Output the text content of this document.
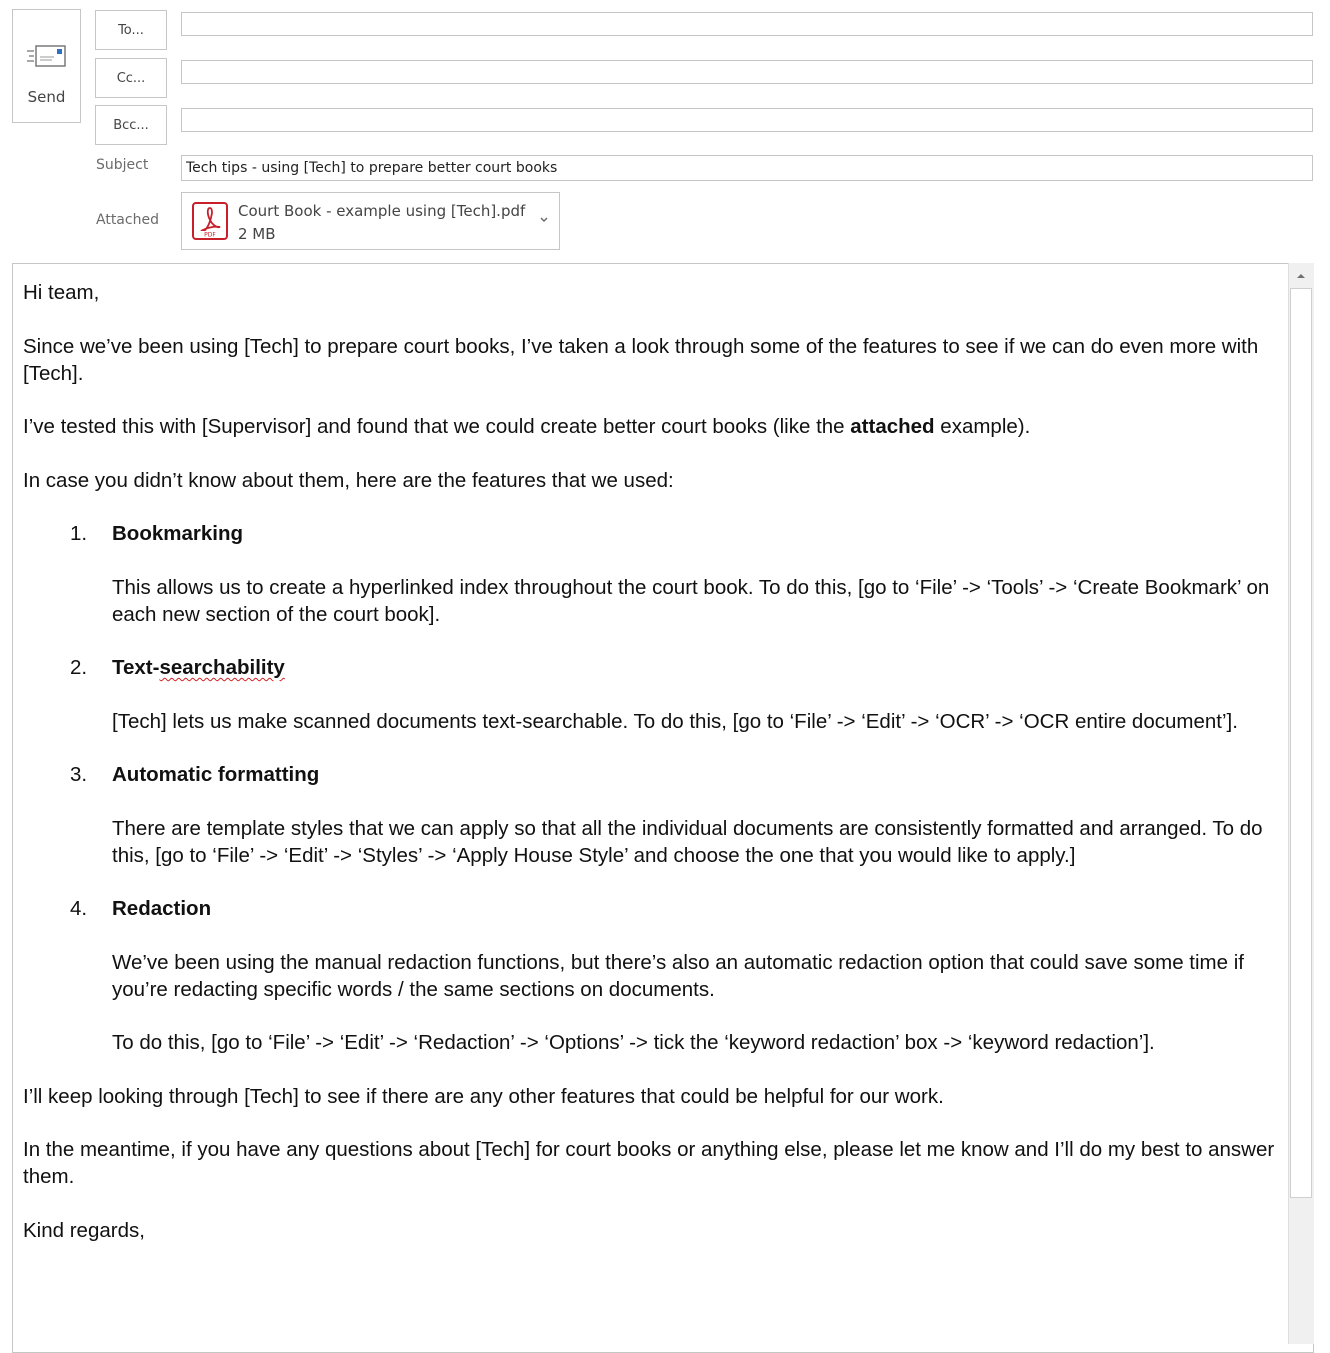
Send
To...
Cc...
Bcc...
Subject
Tech tips - using [Tech] to prepare better court books
Attached
PDF
Court Book - example using [Tech].pdf
2 MB

Hi team,

Since we’ve been using [Tech] to prepare court books, I’ve taken a look through some of the features to see if we can do even more with [Tech].

I’ve tested this with [Supervisor] and found that we could create better court books (like the attached example).

In case you didn’t know about them, here are the features that we used:

1. Bookmarking

This allows us to create a hyperlinked index throughout the court book. To do this, [go to ‘File’ -> ‘Tools’ -> ‘Create Bookmark’ on each new section of the court book].

2. Text-searchability

[Tech] lets us make scanned documents text-searchable. To do this, [go to ‘File’ -> ‘Edit’ -> ‘OCR’ -> ‘OCR entire document’].

3. Automatic formatting

There are template styles that we can apply so that all the individual documents are consistently formatted and arranged. To do this, [go to ‘File’ -> ‘Edit’ -> ‘Styles’ -> ‘Apply House Style’ and choose the one that you would like to apply.]

4. Redaction

We’ve been using the manual redaction functions, but there’s also an automatic redaction option that could save some time if you’re redacting specific words / the same sections on documents.

To do this, [go to ‘File’ -> ‘Edit’ -> ‘Redaction’ -> ‘Options’ -> tick the ‘keyword redaction’ box -> ‘keyword redaction’].

I’ll keep looking through [Tech] to see if there are any other features that could be helpful for our work.

In the meantime, if you have any questions about [Tech] for court books or anything else, please let me know and I’ll do my best to answer them.

Kind regards,
